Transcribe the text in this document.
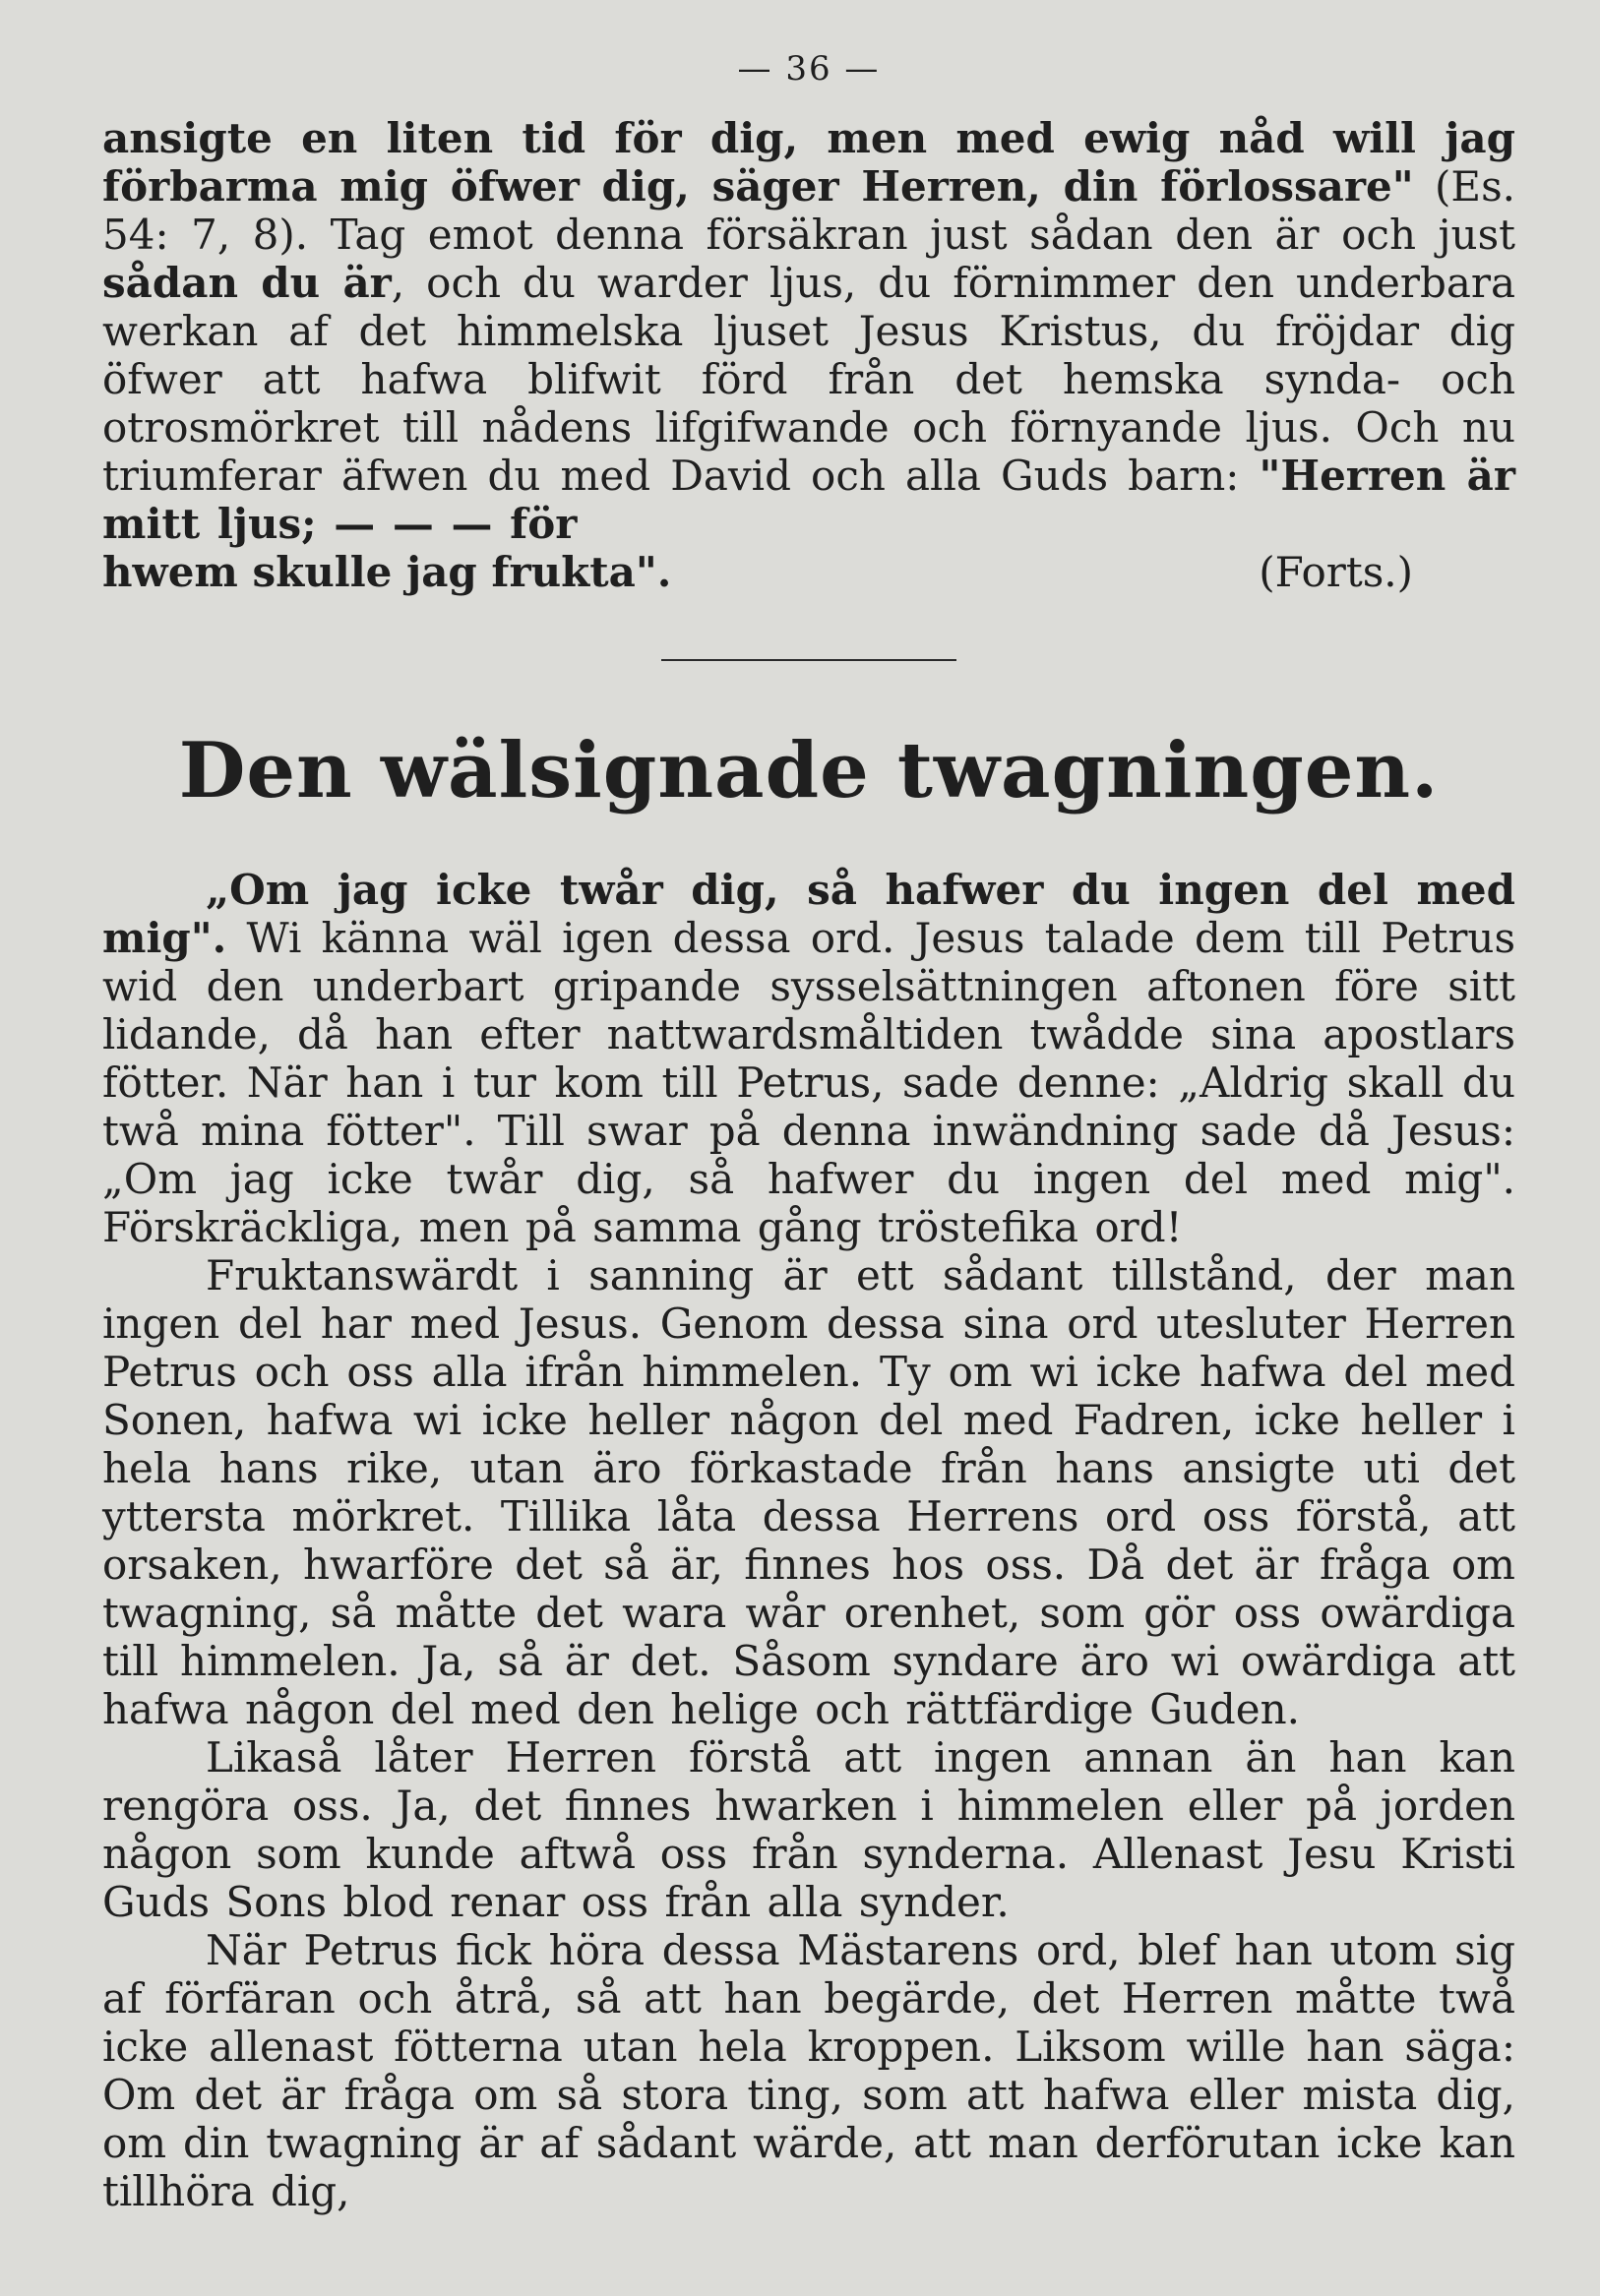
— 36 —

ansigte en liten tid för dig, men med ewig nåd will jag förbarma mig öfwer dig, säger Herren, din förlossare" (Es. 54: 7, 8). Tag emot denna försäkran just sådan den är och just sådan du är, och du warder ljus, du förnimmer den underbara werkan af det himmelska ljuset Jesus Kristus, du fröjdar dig öfwer att hafwa blifwit förd från det hemska synda- och otrosmörkret till nådens lifgifwande och förnyande ljus. Och nu triumferar äfwen du med David och alla Guds barn: "Herren är mitt ljus; — — — för

hwem skulle jag frukta".	(Forts.)
Den wälsignade twagningen.

„Om jag icke twår dig, så hafwer du ingen del med mig". Wi känna wäl igen dessa ord. Jesus talade dem till Petrus wid den underbart gripande sysselsättningen aftonen före sitt lidande, då han efter nattwardsmåltiden twådde sina apostlars fötter. När han i tur kom till Petrus, sade denne: „Aldrig skall du twå mina fötter". Till swar på denna inwändning sade då Jesus: „Om jag icke twår dig, så hafwer du ingen del med mig". Förskräckliga, men på samma gång tröstefika ord!

Fruktanswärdt i sanning är ett sådant tillstånd, der man ingen del har med Jesus. Genom dessa sina ord utesluter Herren Petrus och oss alla ifrån himmelen. Ty om wi icke hafwa del med Sonen, hafwa wi icke heller någon del med Fadren, icke heller i hela hans rike, utan äro förkastade från hans ansigte uti det yttersta mörkret. Tillika låta dessa Herrens ord oss förstå, att orsaken, hwarföre det så är, finnes hos oss. Då det är fråga om twagning, så måtte det wara wår orenhet, som gör oss owärdiga till himmelen. Ja, så är det. Såsom syndare äro wi owärdiga att hafwa någon del med den helige och rättfärdige Guden.

Likaså låter Herren förstå att ingen annan än han kan rengöra oss. Ja, det finnes hwarken i himmelen eller på jorden någon som kunde aftwå oss från synderna. Allenast Jesu Kristi Guds Sons blod renar oss från alla synder.

När Petrus fick höra dessa Mästarens ord, blef han utom sig af förfäran och åtrå, så att han begärde, det Herren måtte twå icke allenast fötterna utan hela kroppen. Liksom wille han säga: Om det är fråga om så stora ting, som att hafwa eller mista dig, om din twagning är af sådant wärde, att man derförutan icke kan tillhöra dig,
